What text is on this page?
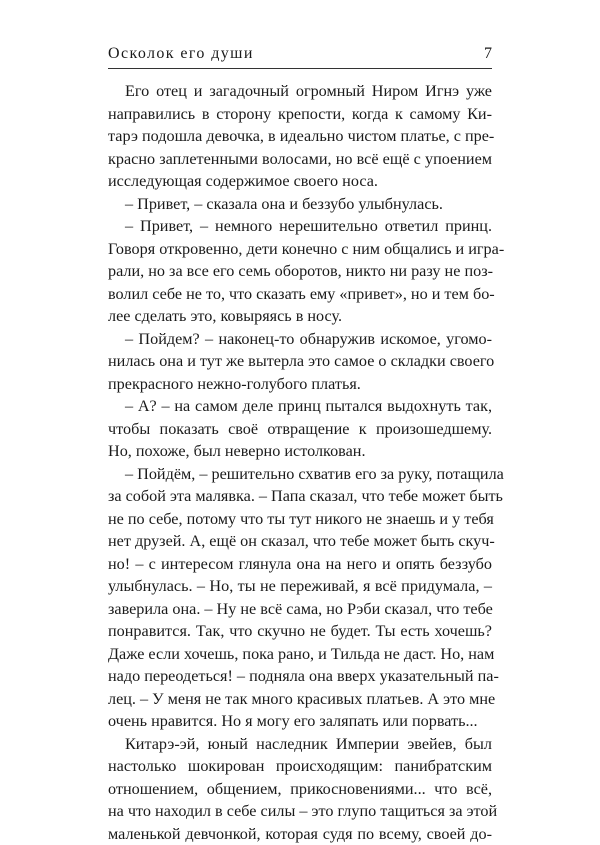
Осколок его души	7
Его отец и загадочный огромный Ниром Игнэ уже
направились в сторону крепости, когда к самому Ки-
тарэ подошла девочка, в идеально чистом платье, с пре-
красно заплетенными волосами, но всё ещё с упоением
исследующая содержимое своего носа.
– Привет, – сказала она и беззубо улыбнулась.
– Привет, – немного нерешительно ответил принц.
Говоря откровенно, дети конечно с ним общались и игра-
рали, но за все его семь оборотов, никто ни разу не поз-
волил себе не то, что сказать ему «привет», но и тем бо-
лее сделать это, ковыряясь в носу.
– Пойдем? – наконец-то обнаружив искомое, угомо-
нилась она и тут же вытерла это самое о складки своего
прекрасного нежно-голубого платья.
– А? – на самом деле принц пытался выдохнуть так,
чтобы показать своё отвращение к произошедшему.
Но, похоже, был неверно истолкован.
– Пойдём, – решительно схватив его за руку, потащила
за собой эта малявка. – Папа сказал, что тебе может быть
не по себе, потому что ты тут никого не знаешь и у тебя
нет друзей. А, ещё он сказал, что тебе может быть скуч-
но! – с интересом глянула она на него и опять беззубо
улыбнулась. – Но, ты не переживай, я всё придумала, –
заверила она. – Ну не всё сама, но Рэби сказал, что тебе
понравится. Так, что скучно не будет. Ты есть хочешь?
Даже если хочешь, пока рано, и Тильда не даст. Но, нам
надо переодеться! – подняла она вверх указательный па-
лец. – У меня не так много красивых платьев. А это мне
очень нравится. Но я могу его заляпать или порвать...
Китарэ-эй, юный наследник Империи эвейев, был
настолько шокирован происходящим: панибратским
отношением, общением, прикосновениями... что всё,
на что находил в себе силы – это глупо тащиться за этой
маленькой девчонкой, которая судя по всему, своей до-
